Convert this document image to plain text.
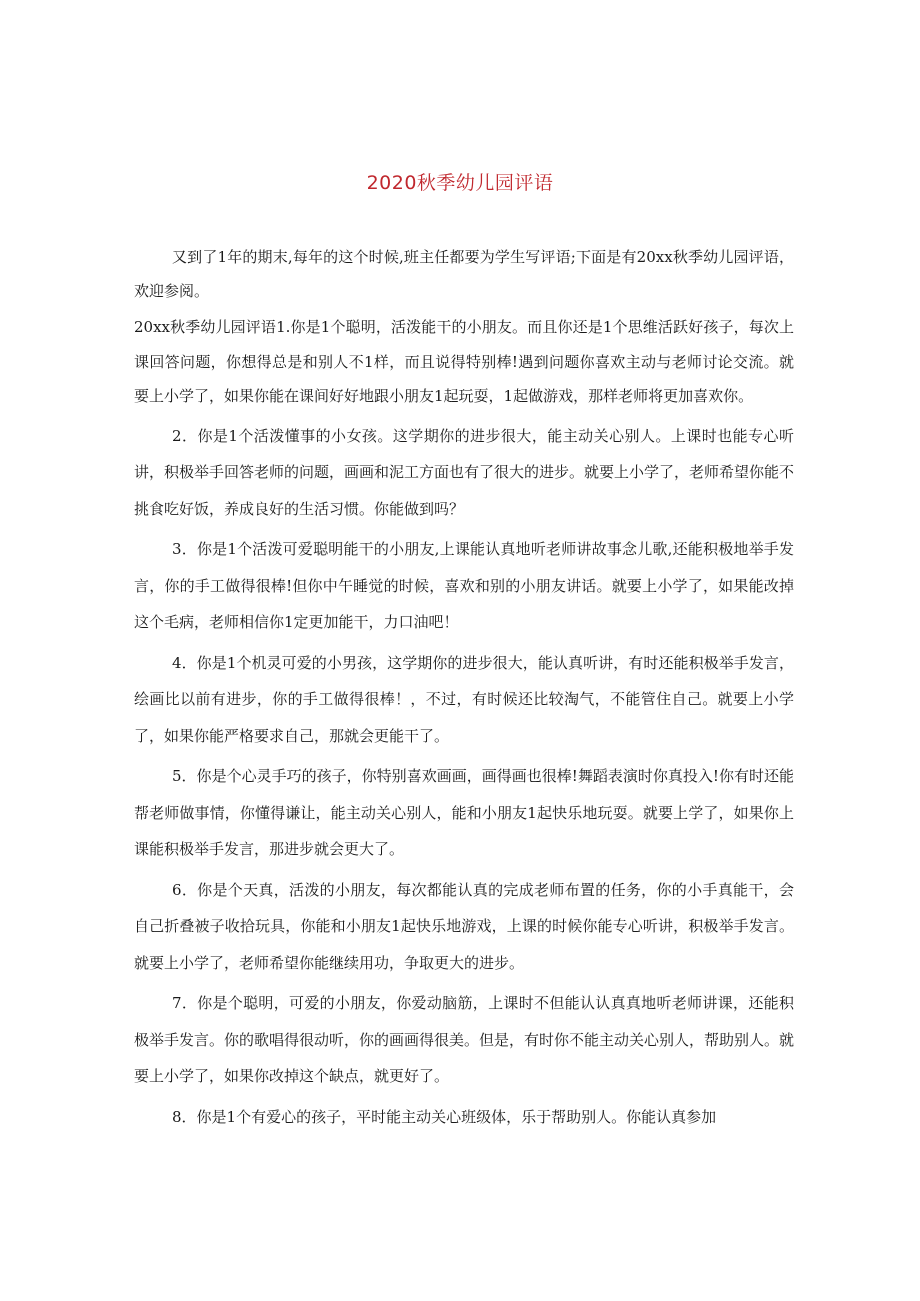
2020秋季幼儿园评语

又到了1年的期末,每年的这个时候,班主任都要为学生写评语;下面是有20xx秋季幼儿园评语，欢迎参阅。

20xx秋季幼儿园评语1.你是1个聪明，活泼能干的小朋友。而且你还是1个思维活跃好孩子，每次上课回答问题，你想得总是和别人不1样，而且说得特别棒!遇到问题你喜欢主动与老师讨论交流。就要上小学了，如果你能在课间好好地跟小朋友1起玩耍，1起做游戏，那样老师将更加喜欢你。

2．你是1个活泼懂事的小女孩。这学期你的进步很大，能主动关心别人。上课时也能专心听讲，积极举手回答老师的问题，画画和泥工方面也有了很大的进步。就要上小学了，老师希望你能不挑食吃好饭，养成良好的生活习惯。你能做到吗？

3．你是1个活泼可爱聪明能干的小朋友,上课能认真地听老师讲故事念儿歌,还能积极地举手发言，你的手工做得很棒!但你中午睡觉的时候，喜欢和别的小朋友讲话。就要上小学了，如果能改掉这个毛病，老师相信你1定更加能干，力口油吧！

4．你是1个机灵可爱的小男孩，这学期你的进步很大，能认真听讲，有时还能积极举手发言，绘画比以前有进步，你的手工做得很棒！，不过，有时候还比较淘气，不能管住自己。就要上小学了，如果你能严格要求自己，那就会更能干了。

5．你是个心灵手巧的孩子，你特别喜欢画画，画得画也很棒!舞蹈表演时你真投入!你有时还能帮老师做事情，你懂得谦让，能主动关心别人，能和小朋友1起快乐地玩耍。就要上学了，如果你上课能积极举手发言，那进步就会更大了。

6．你是个天真，活泼的小朋友，每次都能认真的完成老师布置的任务，你的小手真能干，会自己折叠被子收拾玩具，你能和小朋友1起快乐地游戏，上课的时候你能专心听讲，积极举手发言。就要上小学了，老师希望你能继续用功，争取更大的进步。

7．你是个聪明，可爱的小朋友，你爱动脑筋，上课时不但能认认真真地听老师讲课，还能积极举手发言。你的歌唱得很动听，你的画画得很美。但是，有时你不能主动关心别人，帮助别人。就要上小学了，如果你改掉这个缺点，就更好了。

8．你是1个有爱心的孩子，平时能主动关心班级体，乐于帮助别人。你能认真参加
